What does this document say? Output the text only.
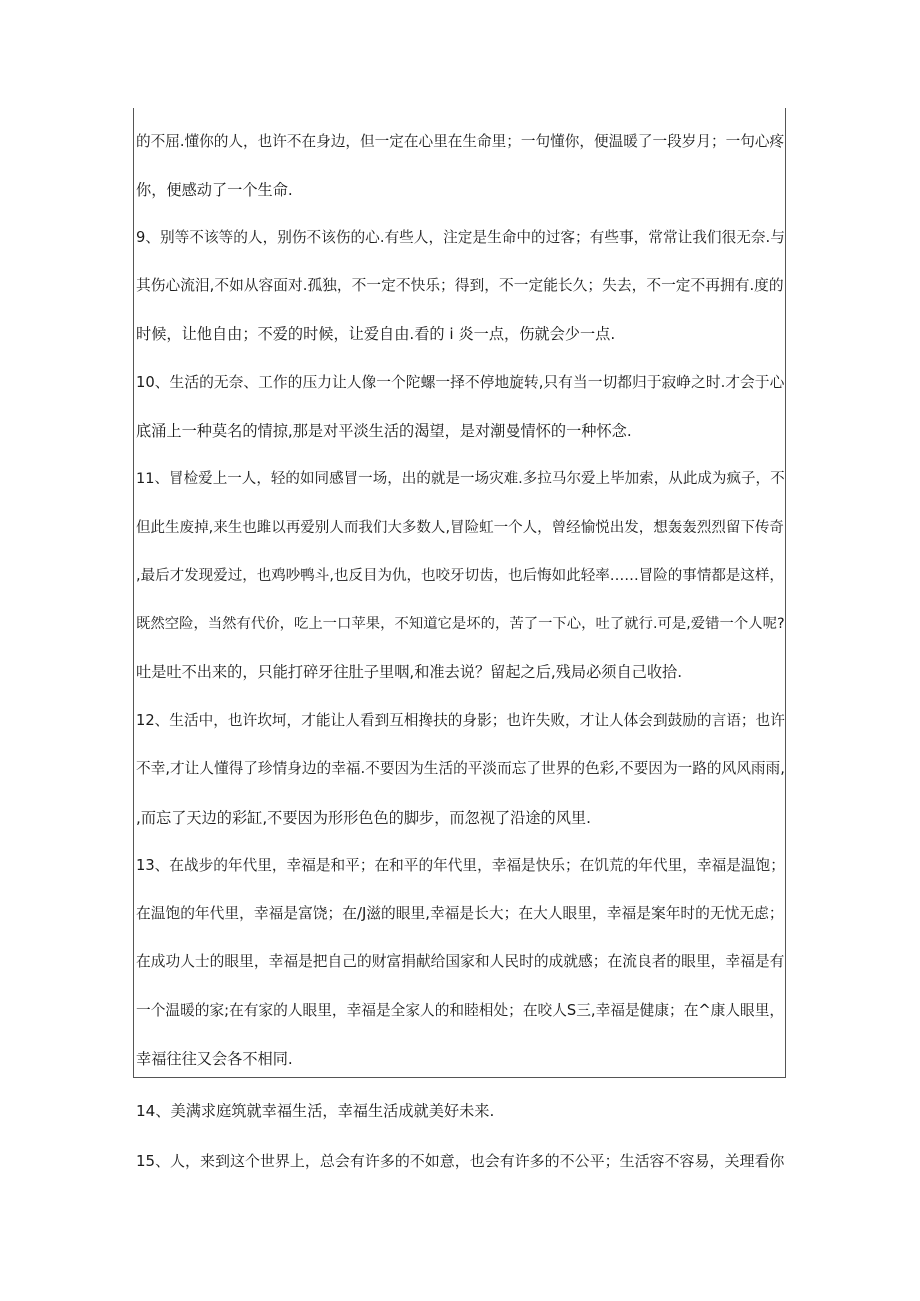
的不屈.懂你的人，也许不在身边，但一定在心里在生命里；一句懂你，便温暖了一段岁月；一句心疼
你，便感动了一个生命.
9、别等不该等的人，别伤不该伤的心.有些人，注定是生命中的过客；有些事，常常让我们很无奈.与
其伤心流泪,不如从容面对.孤独，不一定不快乐；得到，不一定能长久；失去，不一定不再拥有.度的
时候，让他自由；不爱的时候，让爱自由.看的 i 炎一点，伤就会少一点.
10、生活的无奈、工作的压力让人像一个陀螺一择不停地旋转,只有当一切都归于寂峥之时.才会于心
底涌上一种莫名的情掠,那是对平淡生活的渴望，是对潮曼情怀的一种怀念.
11、冒检爱上一人，轻的如同感冒一场，出的就是一场灾难.多拉马尔爱上毕加索，从此成为疯子，不
但此生废掉,来生也雎以再爱别人而我们大多数人,冒险虹一个人，曾经愉悦出发，想轰轰烈烈留下传奇
,最后才发现爱过，也鸡吵鸭斗,也反目为仇，也咬牙切齿，也后悔如此轻率……冒险的事情都是这样，
既然空险，当然有代价，吃上一口苹果，不知道它是坏的，苦了一下心，吐了就行.可是,爱错一个人呢?
吐是吐不出来的，只能打碎牙往肚子里咽,和准去说？留起之后,残局必须自己收拾.
12、生活中，也许坎坷，才能让人看到互相搀扶的身影；也许失败，才让人体会到鼓励的言语；也许
不幸,才让人懂得了珍情身边的幸福.不要因为生活的平淡而忘了世界的色彩,不要因为一路的风风雨雨,
,而忘了天边的彩缸,不要因为形形色色的脚步，而忽视了沿途的风里.
13、在战步的年代里，幸福是和平；在和平的年代里，幸福是快乐；在饥荒的年代里，幸福是温饱；
在温饱的年代里，幸福是富饶；在/J滋的眼里,幸福是长大；在大人眼里，幸福是案年时的无忧无虑；
在成功人士的眼里，幸福是把自己的财富捐献给国家和人民时的成就感；在流良者的眼里，幸福是有
一个温暖的家;在有家的人眼里，幸福是全家人的和睦相处；在咬人S三,幸福是健康；在^康人眼里，
幸福往往又会各不相同.
14、美满求庭筑就幸福生活，幸福生活成就美好未来.
15、人，来到这个世界上，总会有许多的不如意，也会有许多的不公平；生活容不容易，关理看你
